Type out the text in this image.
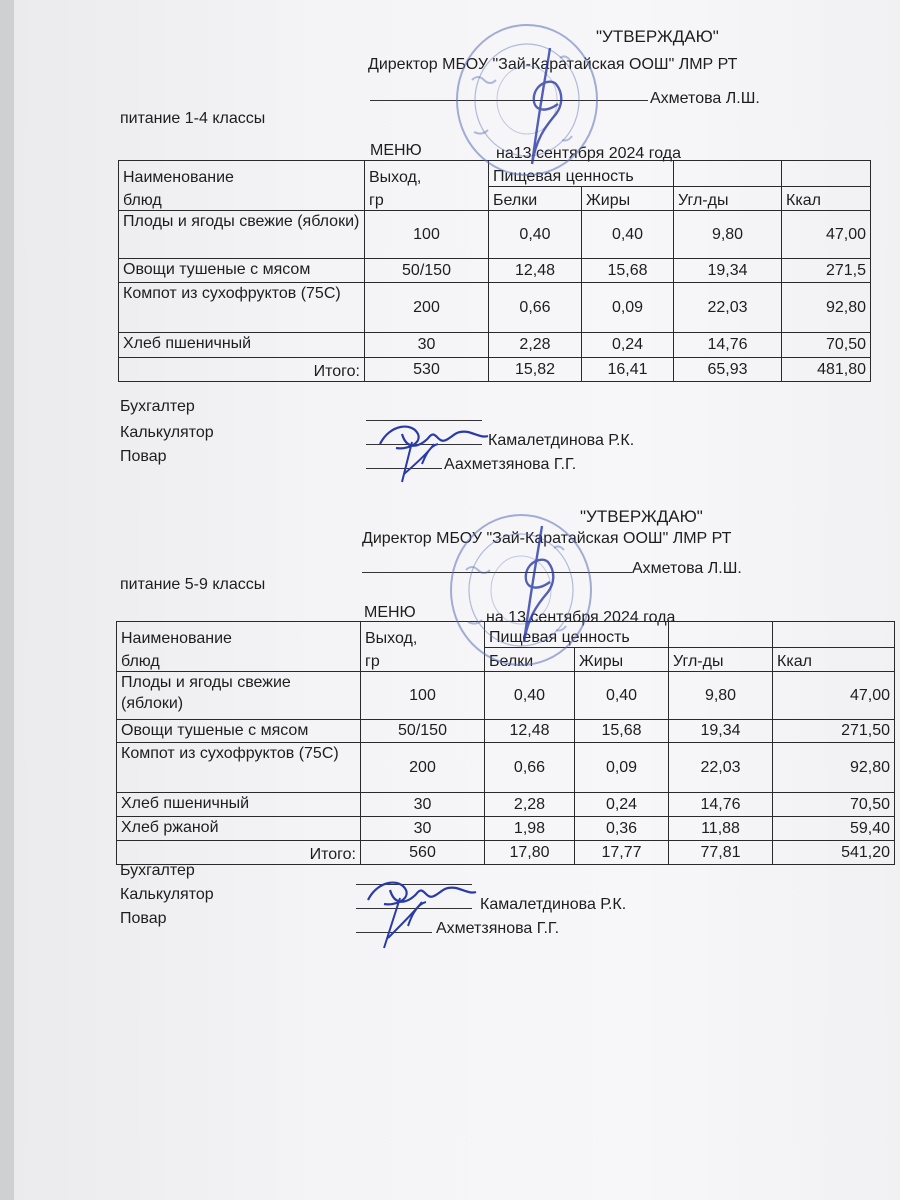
"УТВЕРЖДАЮ"
Директор МБОУ "Зай-Каратайская ООШ" ЛМР РТ
Ахметова Л.Ш.
питание 1-4 классы
МЕНЮ	на13 сентября 2024 года
Наименование	Выход,	Пищевая ценность			
блюд	гр	Белки	Жиры	Угл-ды	Ккал
Плоды и ягоды свежие (яблоки)	100	0,40	0,40	9,80	47,00
Овощи тушеные с мясом	50/150	12,48	15,68	19,34	271,5
Компот из сухофруктов (75С)	200	0,66	0,09	22,03	92,80
Хлеб пшеничный	30	2,28	0,24	14,76	70,50
Итого:	530	15,82	16,41	65,93	481,80
Бухгалтер
Калькулятор
Повар
Камалетдинова Р.К.
Аахметзянова Г.Г.
"УТВЕРЖДАЮ"
Директор МБОУ "Зай-Каратайская ООШ" ЛМР РТ
Ахметова Л.Ш.
питание 5-9 классы
МЕНЮ	на 13 сентября 2024 года
Наименование	Выход,	Пищевая ценность			
блюд	гр	Белки	Жиры	Угл-ды	Ккал
Плоды и ягоды свежие (яблоки)	100	0,40	0,40	9,80	47,00
Овощи тушеные с мясом	50/150	12,48	15,68	19,34	271,50
Компот из сухофруктов (75С)	200	0,66	0,09	22,03	92,80
Хлеб пшеничный	30	2,28	0,24	14,76	70,50
Хлеб ржаной	30	1,98	0,36	11,88	59,40
Итого:	560	17,80	17,77	77,81	541,20
Бухгалтер
Калькулятор
Повар
Камалетдинова Р.К.
Ахметзянова Г.Г.
